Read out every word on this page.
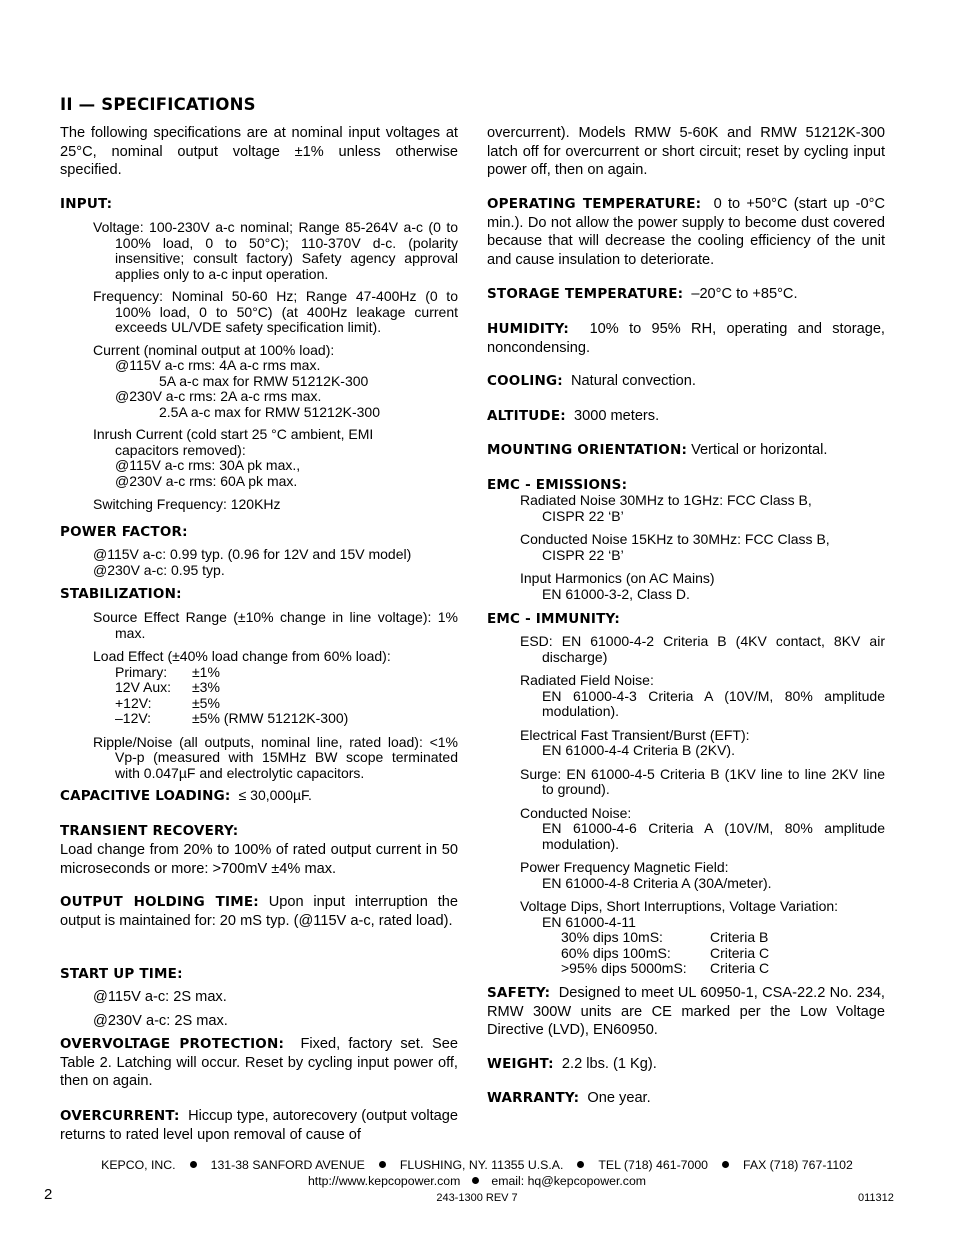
II — SPECIFICATIONS

The following specifications are at nominal input voltages at 25°C, nominal output voltage ±1% unless otherwise specified.

INPUT:

Voltage: 100-230V a-c nominal; Range 85-264V a-c (0 to 100% load, 0 to 50°C); 110-370V d-c. (polarity insensitive; consult factory) Safety agency approval applies only to a-c input operation.

Frequency: Nominal 50-60 Hz; Range 47-400Hz (0 to 100% load, 0 to 50°C) (at 400Hz leakage current exceeds UL/VDE safety specification limit).

Current (nominal output at 100% load):

@115V a-c rms: 4A a-c rms max.

5A a-c max for RMW 51212K-300

@230V a-c rms: 2A a-c rms max.

2.5A a-c max for RMW 51212K-300

Inrush Current (cold start 25 °C ambient, EMI

capacitors removed):

@115V a-c rms: 30A pk max.,

@230V a-c rms: 60A pk max.

Switching Frequency: 120KHz

POWER FACTOR:

@115V a-c: 0.99 typ. (0.96 for 12V and 15V model)

@230V a-c: 0.95 typ.

STABILIZATION:

Source Effect Range (±10% change in line voltage): 1% max.

Load Effect (±40% load change from 60% load):

Primary: ±1%

12V Aux: ±3%

+12V:	±5%

–12V:	±5% (RMW 51212K-300)

Ripple/Noise (all outputs, nominal line, rated load): <1% Vp-p (measured with 15MHz BW scope terminated with 0.047µF and electrolytic capacitors.

CAPACITIVE LOADING: ≤ 30,000µF.
TRANSIENT RECOVERY:

Load change from 20% to 100% of rated output current in 50 microseconds or more: >700mV ±4% max.

OUTPUT HOLDING TIME: Upon input interruption the output is maintained for: 20 mS typ. (@115V a-c, rated load).

START UP TIME:

@115V a-c: 2S max.

@230V a-c: 2S max.

OVERVOLTAGE PROTECTION: Fixed, factory set. See Table 2. Latching will occur. Reset by cycling input power off, then on again.

OVERCURRENT: Hiccup type, autorecovery (output voltage returns to rated level upon removal of cause of

overcurrent). Models RMW 5-60K and RMW 51212K-300 latch off for overcurrent or short circuit; reset by cycling input power off, then on again.

OPERATING TEMPERATURE: 0 to +50°C (start up -0°C min.). Do not allow the power supply to become dust covered because that will decrease the cooling efficiency of the unit and cause insulation to deteriorate.

STORAGE TEMPERATURE: –20°C to +85°C.

HUMIDITY: 10% to 95% RH, operating and storage, noncondensing.

COOLING: Natural convection.

ALTITUDE: 3000 meters.

MOUNTING ORIENTATION: Vertical or horizontal.

EMC - EMISSIONS:

Radiated Noise 30MHz to 1GHz: FCC Class B,

CISPR 22 ‘B’

Conducted Noise 15KHz to 30MHz: FCC Class B,

CISPR 22 ‘B’

Input Harmonics (on AC Mains)

EN 61000-3-2, Class D.

EMC - IMMUNITY:

ESD: EN 61000-4-2 Criteria B (4KV contact, 8KV air discharge)

Radiated Field Noise:

EN 61000-4-3 Criteria A (10V/M, 80% amplitude modulation).

Electrical Fast Transient/Burst (EFT):

EN 61000-4-4 Criteria B (2KV).

Surge: EN 61000-4-5 Criteria B (1KV line to line 2KV line to ground).

Conducted Noise:

EN 61000-4-6 Criteria A (10V/M, 80% amplitude modulation).

Power Frequency Magnetic Field:

EN 61000-4-8 Criteria A (30A/meter).

Voltage Dips, Short Interruptions, Voltage Variation:

EN 61000-4-11

30% dips 10mS:	Criteria B

60% dips 100mS:	Criteria C

>95% dips 5000mS: Criteria C

SAFETY: Designed to meet UL 60950-1, CSA-22.2 No. 234, RMW 300W units are CE marked per the Low Voltage Directive (LVD), EN60950.

WEIGHT: 2.2 lbs. (1 Kg).

WARRANTY: One year.

KEPCO, INC.	131-38 SANFORD AVENUE	FLUSHING, NY. 11355 U.S.A.	TEL (718) 461-7000	FAX (718) 767-1102
http://www.kepcopower.com	email: hq@kepcopower.com
2	243-1300 REV 7	011312
